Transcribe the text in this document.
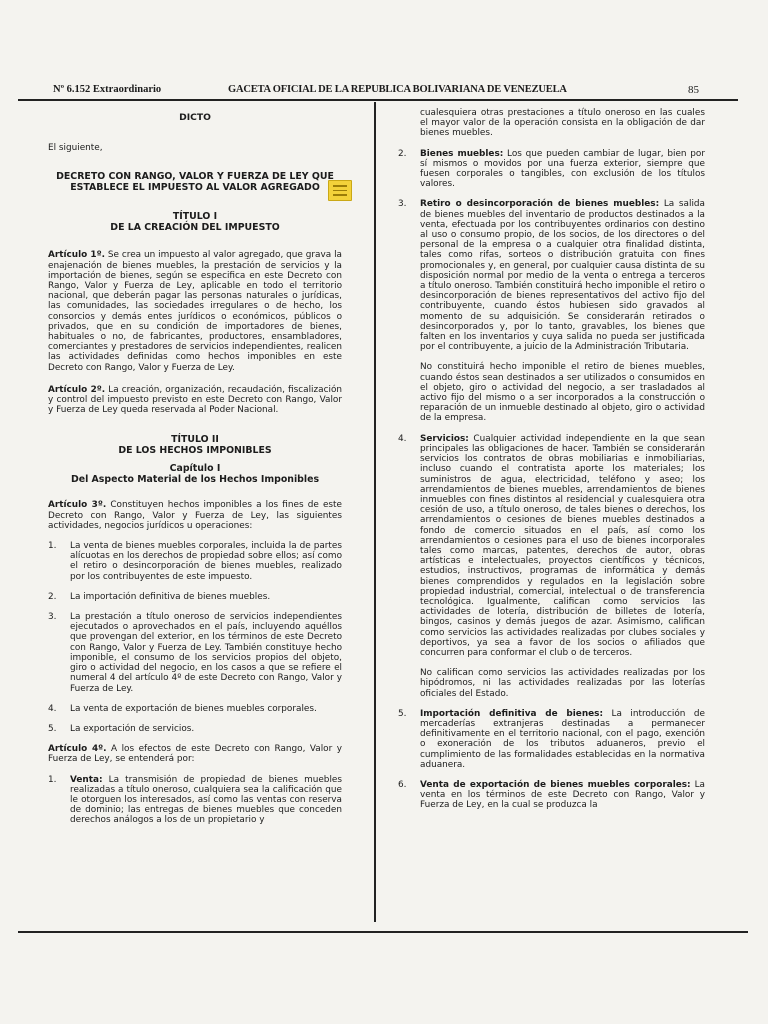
Nº 6.152 Extraordinario	GACETA OFICIAL DE LA REPUBLICA BOLIVARIANA DE VENEZUELA	85

DICTO

El siguiente,

DECRETO CON RANGO, VALOR Y FUERZA DE LEY QUE
ESTABLECE EL IMPUESTO AL VALOR AGREGADO
TÍTULO I
DE LA CREACIÓN DEL IMPUESTO

Artículo 1º. Se crea un impuesto al valor agregado, que grava la enajenación de bienes muebles, la prestación de servicios y la importación de bienes, según se especifica en este Decreto con Rango, Valor y Fuerza de Ley, aplicable en todo el territorio nacional, que deberán pagar las personas naturales o jurídicas, las comunidades, las sociedades irregulares o de hecho, los consorcios y demás entes jurídicos o económicos, públicos o privados, que en su condición de importadores de bienes, habituales o no, de fabricantes, productores, ensambladores, comerciantes y prestadores de servicios independientes, realicen las actividades definidas como hechos imponibles en este Decreto con Rango, Valor y Fuerza de Ley.

Artículo 2º. La creación, organización, recaudación, fiscalización y control del impuesto previsto en este Decreto con Rango, Valor y Fuerza de Ley queda reservada al Poder Nacional.

TÍTULO II
DE LOS HECHOS IMPONIBLES
Capítulo I
Del Aspecto Material de los Hechos Imponibles

Artículo 3º. Constituyen hechos imponibles a los fines de este Decreto con Rango, Valor y Fuerza de Ley, las siguientes actividades, negocios jurídicos u operaciones:

1. La venta de bienes muebles corporales, incluida la de partes alícuotas en los derechos de propiedad sobre ellos; así como el retiro o desincorporación de bienes muebles, realizado por los contribuyentes de este impuesto.

2. La importación definitiva de bienes muebles.

3. La prestación a título oneroso de servicios independientes ejecutados o aprovechados en el país, incluyendo aquéllos que provengan del exterior, en los términos de este Decreto con Rango, Valor y Fuerza de Ley. También constituye hecho imponible, el consumo de los servicios propios del objeto, giro o actividad del negocio, en los casos a que se refiere el numeral 4 del artículo 4º de este Decreto con Rango, Valor y Fuerza de Ley.

4. La venta de exportación de bienes muebles corporales.

5. La exportación de servicios.

Artículo 4º. A los efectos de este Decreto con Rango, Valor y Fuerza de Ley, se entenderá por:

1. Venta: La transmisión de propiedad de bienes muebles realizadas a título oneroso, cualquiera sea la calificación que le otorguen los interesados, así como las ventas con reserva de dominio; las entregas de bienes muebles que conceden derechos análogos a los de un propietario y

cualesquiera otras prestaciones a título oneroso en las cuales el mayor valor de la operación consista en la obligación de dar bienes muebles.

2. Bienes muebles: Los que pueden cambiar de lugar, bien por sí mismos o movidos por una fuerza exterior, siempre que fuesen corporales o tangibles, con exclusión de los títulos valores.

3. Retiro o desincorporación de bienes muebles: La salida de bienes muebles del inventario de productos destinados a la venta, efectuada por los contribuyentes ordinarios con destino al uso o consumo propio, de los socios, de los directores o del personal de la empresa o a cualquier otra finalidad distinta, tales como rifas, sorteos o distribución gratuita con fines promocionales y, en general, por cualquier causa distinta de su disposición normal por medio de la venta o entrega a terceros a título oneroso. También constituirá hecho imponible el retiro o desincorporación de bienes representativos del activo fijo del contribuyente, cuando éstos hubiesen sido gravados al momento de su adquisición. Se considerarán retirados o desincorporados y, por lo tanto, gravables, los bienes que falten en los inventarios y cuya salida no pueda ser justificada por el contribuyente, a juicio de la Administración Tributaria.

No constituirá hecho imponible el retiro de bienes muebles, cuando éstos sean destinados a ser utilizados o consumidos en el objeto, giro o actividad del negocio, a ser trasladados al activo fijo del mismo o a ser incorporados a la construcción o reparación de un inmueble destinado al objeto, giro o actividad de la empresa.

4. Servicios: Cualquier actividad independiente en la que sean principales las obligaciones de hacer. También se considerarán servicios los contratos de obras mobiliarias e inmobiliarias, incluso cuando el contratista aporte los materiales; los suministros de agua, electricidad, teléfono y aseo; los arrendamientos de bienes muebles, arrendamientos de bienes inmuebles con fines distintos al residencial y cualesquiera otra cesión de uso, a título oneroso, de tales bienes o derechos, los arrendamientos o cesiones de bienes muebles destinados a fondo de comercio situados en el país, así como los arrendamientos o cesiones para el uso de bienes incorporales tales como marcas, patentes, derechos de autor, obras artísticas e intelectuales, proyectos científicos y técnicos, estudios, instructivos, programas de informática y demás bienes comprendidos y regulados en la legislación sobre propiedad industrial, comercial, intelectual o de transferencia tecnológica. Igualmente, califican como servicios las actividades de lotería, distribución de billetes de lotería, bingos, casinos y demás juegos de azar. Asimismo, califican como servicios las actividades realizadas por clubes sociales y deportivos, ya sea a favor de los socios o afiliados que concurren para conformar el club o de terceros.

No califican como servicios las actividades realizadas por los hipódromos, ni las actividades realizadas por las loterías oficiales del Estado.

5. Importación definitiva de bienes: La introducción de mercaderías extranjeras destinadas a permanecer definitivamente en el territorio nacional, con el pago, exención o exoneración de los tributos aduaneros, previo el cumplimiento de las formalidades establecidas en la normativa aduanera.

6. Venta de exportación de bienes muebles corporales: La venta en los términos de este Decreto con Rango, Valor y Fuerza de Ley, en la cual se produzca la
